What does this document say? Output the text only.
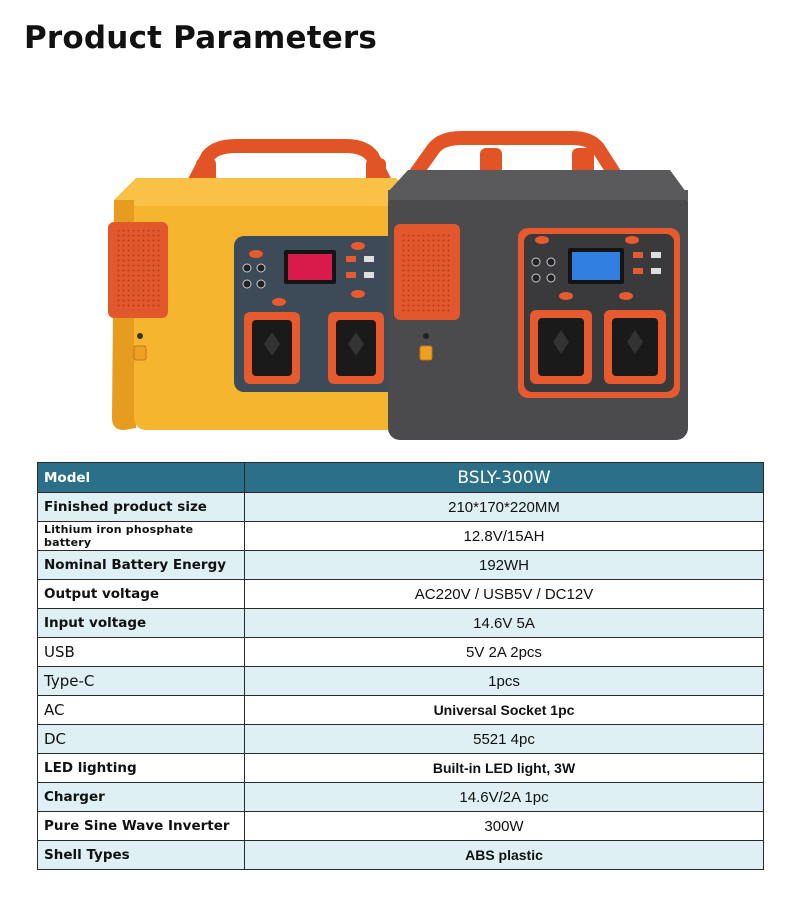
Product Parameters
Model	BSLY-300W
Finished product size	210*170*220MM
Lithium iron phosphate battery	12.8V/15AH
Nominal Battery Energy	192WH
Output voltage	AC220V / USB5V / DC12V
Input voltage	14.6V 5A
USB	5V 2A 2pcs
Type-C	1pcs
AC	Universal Socket 1pc
DC	5521 4pc
LED lighting	Built-in LED light, 3W
Charger	14.6V/2A 1pc
Pure Sine Wave Inverter	300W
Shell Types	ABS plastic
